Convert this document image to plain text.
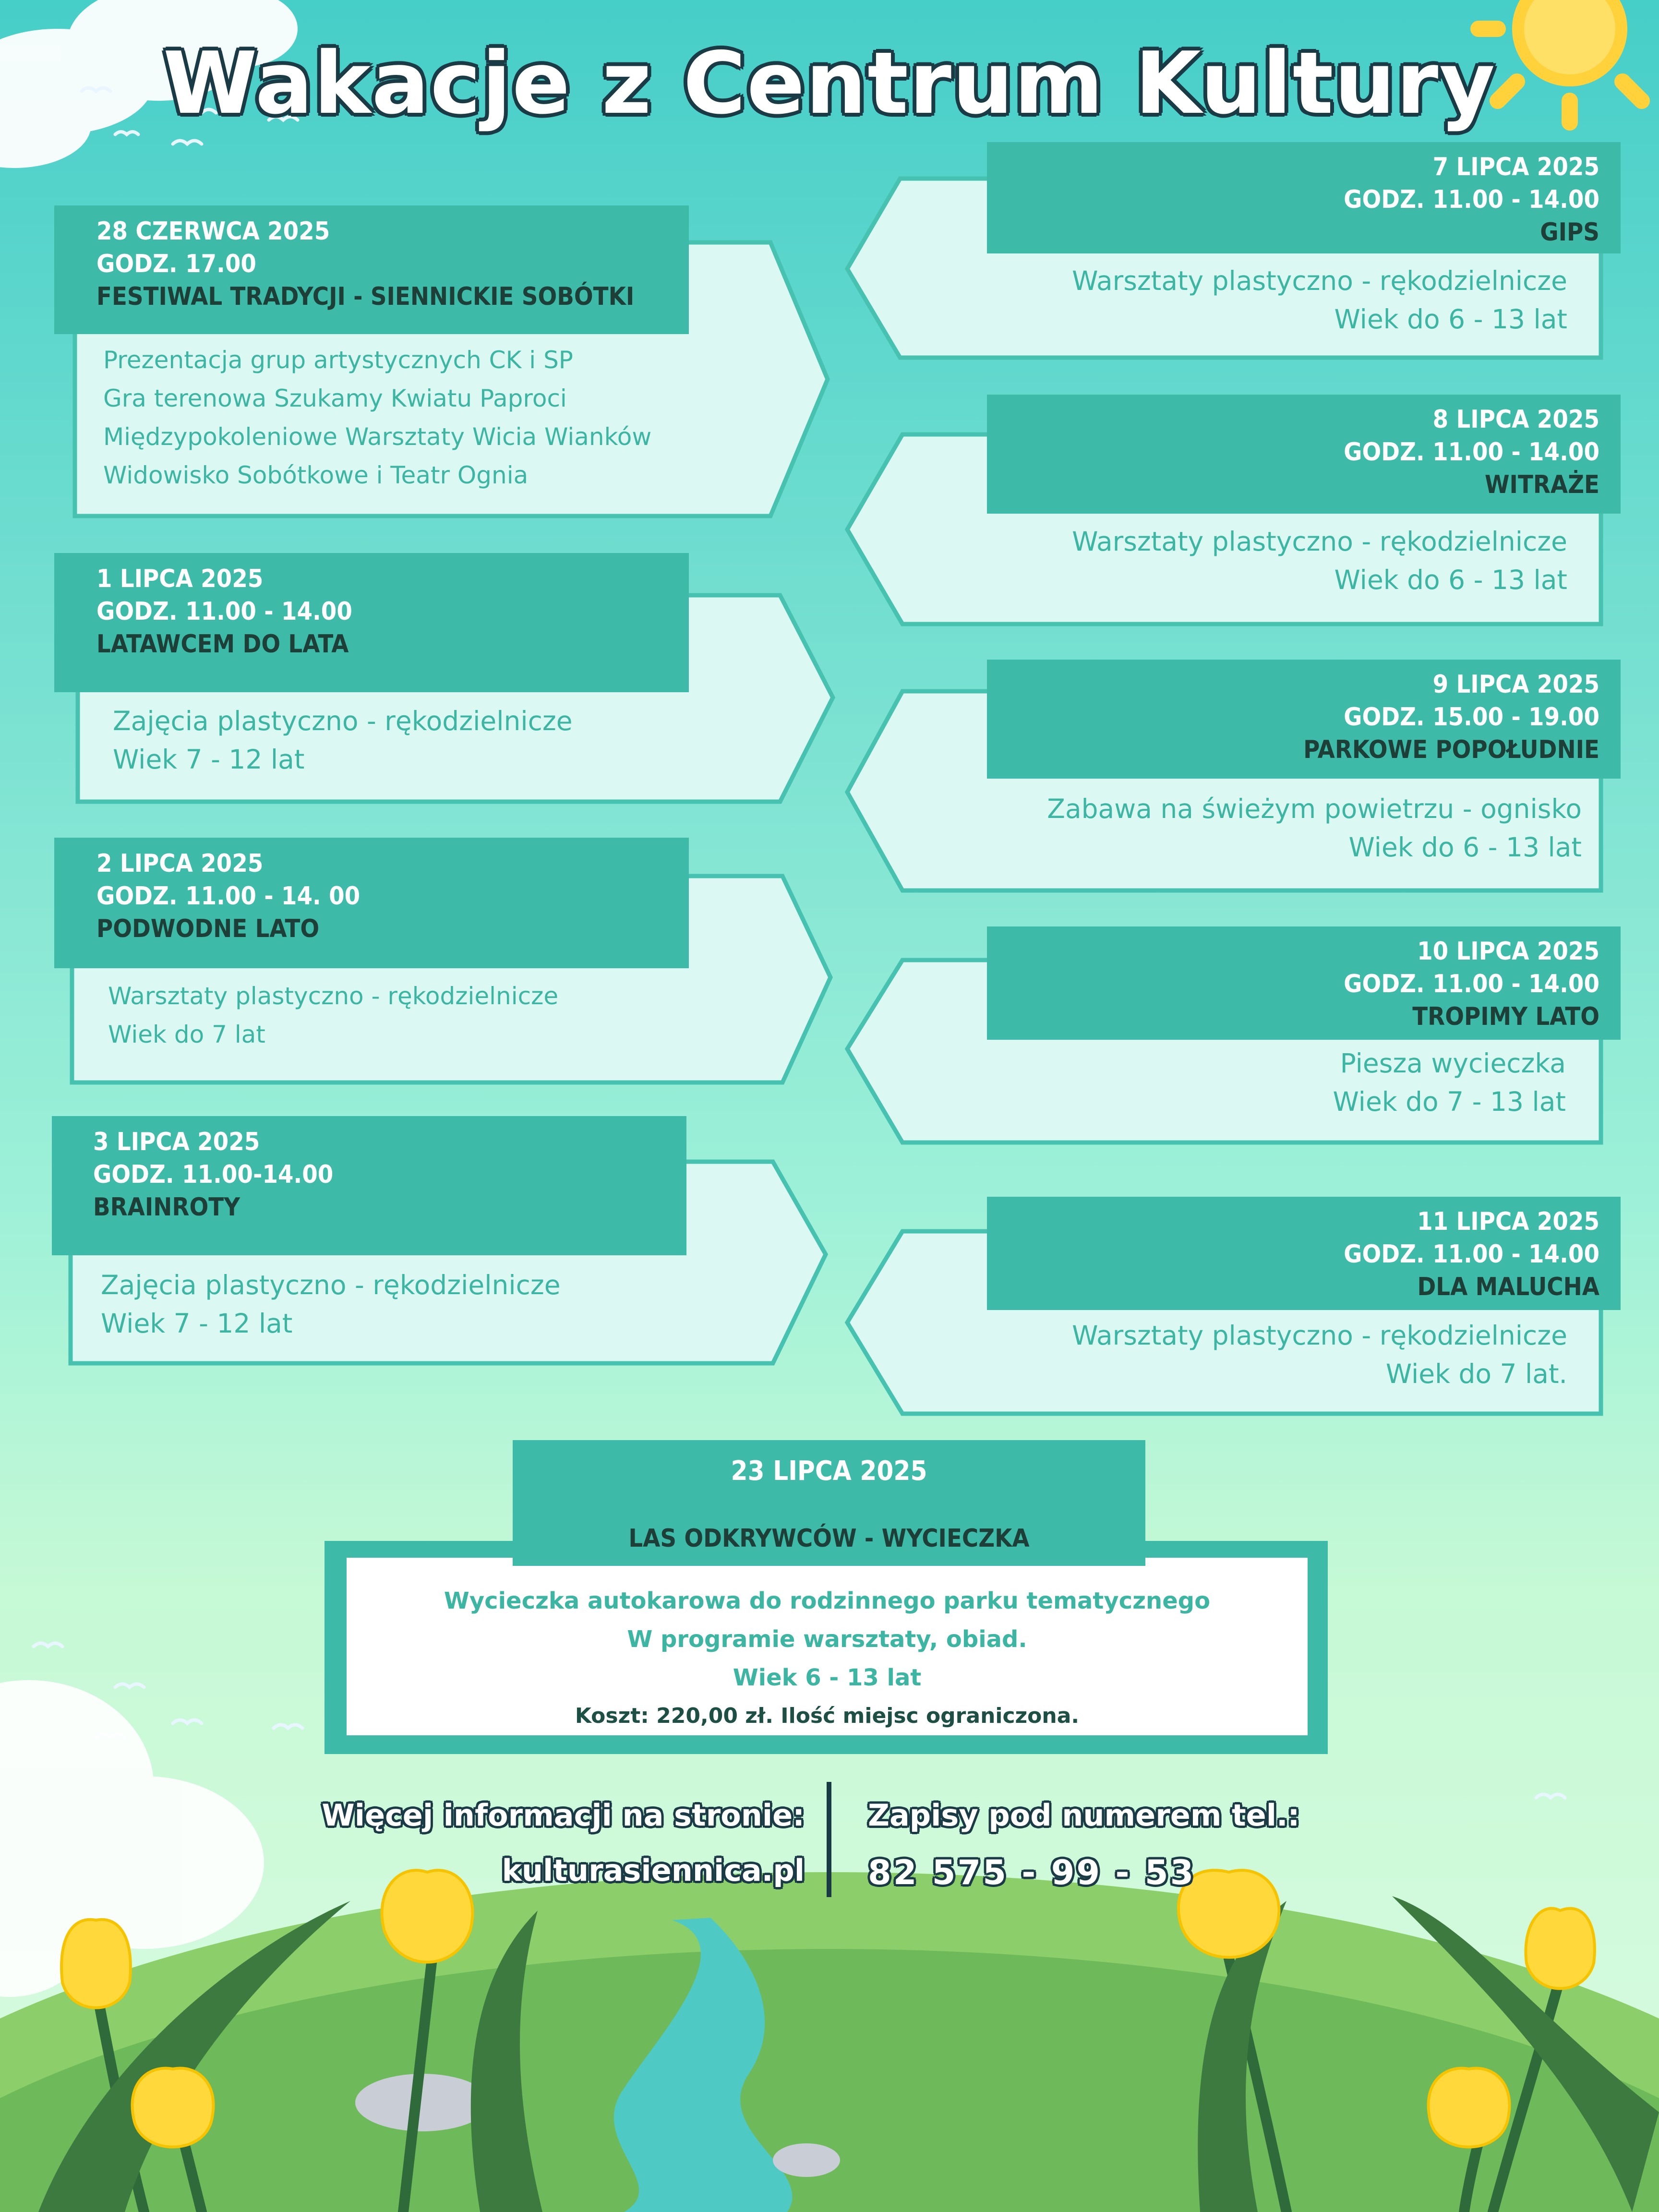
Wakacje z Centrum Kultury
28 CZERWCA 2025
GODZ. 17.00
FESTIWAL TRADYCJI - SIENNICKIE SOBÓTKI
Prezentacja grup artystycznych CK i SP
Gra terenowa Szukamy Kwiatu Paproci
Międzypokoleniowe Warsztaty Wicia Wianków
Widowisko Sobótkowe i Teatr Ognia
1 LIPCA 2025
GODZ. 11.00 - 14.00
LATAWCEM DO LATA
Zajęcia plastyczno - rękodzielnicze
Wiek 7 - 12 lat
2 LIPCA 2025
GODZ. 11.00 - 14. 00
PODWODNE LATO
Warsztaty plastyczno - rękodzielnicze
Wiek do 7 lat
3 LIPCA 2025
GODZ. 11.00-14.00
BRAINROTY
Zajęcia plastyczno - rękodzielnicze
Wiek 7 - 12 lat
7 LIPCA 2025
GODZ. 11.00 - 14.00
GIPS
Warsztaty plastyczno - rękodzielnicze
Wiek do 6 - 13 lat
8 LIPCA 2025
GODZ. 11.00 - 14.00
WITRAŻE
Warsztaty plastyczno - rękodzielnicze
Wiek do 6 - 13 lat
9 LIPCA 2025
GODZ. 15.00 - 19.00
PARKOWE POPOŁUDNIE
Zabawa na świeżym powietrzu - ognisko
Wiek do 6 - 13 lat
10 LIPCA 2025
GODZ. 11.00 - 14.00
TROPIMY LATO
Piesza wycieczka
Wiek do 7 - 13 lat
11 LIPCA 2025
GODZ. 11.00 - 14.00
DLA MALUCHA
Warsztaty plastyczno - rękodzielnicze
Wiek do 7 lat.
Wycieczka autokarowa do rodzinnego parku tematycznego
W programie warsztaty, obiad.
Wiek 6 - 13 lat
Koszt: 220,00 zł. Ilość miejsc ograniczona.
23 LIPCA 2025
LAS ODKRYWCÓW - WYCIECZKA
Więcej informacji na stronie:
kulturasiennica.pl
Zapisy pod numerem tel.:
82 575 - 99 - 53
